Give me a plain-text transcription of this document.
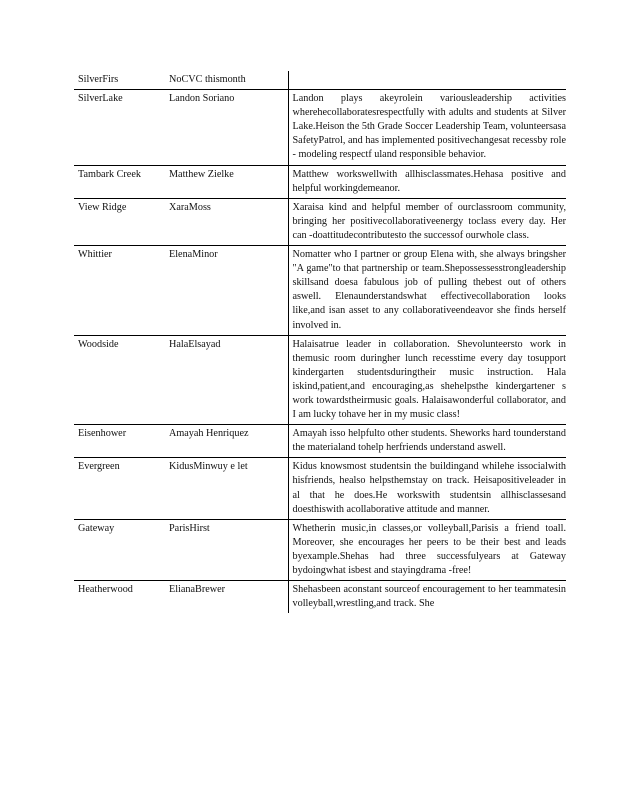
SilverFirs	NoCVC thismonth	
SilverLake	Landon Soriano	Landon plays akeyrolein variousleadership activities wherehecollaboratesrespectfully with adults and students at Silver Lake.Heison the 5th Grade Soccer Leadership Team, volunteersasa SafetyPatrol, and has implemented positivechangesat recessby role - modeling respectf uland responsible behavior.
Tambark Creek	Matthew Zielke	Matthew workswellwith allhisclassmates.Hehasa positive and helpful workingdemeanor.
View Ridge	XaraMoss	Xaraisa kind and helpful member of ourclassroom community, bringing her positivecollaborativeenergy toclass every day. Her can -doattitudecontributesto the successof ourwhole class.
Whittier	ElenaMinor	Nomatter who I partner or group Elena with, she always bringsher "A game"to that partnership or team.Shepossessesstrongleadership skillsand doesa fabulous job of pulling thebest out of others aswell. Elenaunderstandswhat effectivecollaboration looks like,and isan asset to any collaborativeendeavor she finds herself involved in.
Woodside	HalaElsayad	Halaisatrue leader in collaboration. Shevolunteersto work in themusic room duringher lunch recesstime every day tosupport kindergarten studentsduringtheir music instruction. Hala iskind,patient,and encouraging,as shehelpsthe kindergartener s work towardstheirmusic goals. Halaisawonderful collaborator, and I am lucky tohave her in my music class!
Eisenhower	Amayah Henriquez	Amayah isso helpfulto other students. Sheworks hard tounderstand the materialand tohelp herfriends understand aswell.
Evergreen	KidusMinwuy e let	Kidus knowsmost studentsin the buildingand whilehe issocialwith hisfriends, healso helpsthemstay on track. Heisapositiveleader in al that he does.He workswith studentsin allhisclassesand doesthiswith acollaborative attitude and manner.
Gateway	ParisHirst	Whetherin music,in classes,or volleyball,Parisis a friend toall. Moreover, she encourages her peers to be their best and leads byexample.Shehas had three successfulyears at Gateway bydoingwhat isbest and stayingdrama -free!
Heatherwood	ElianaBrewer	Shehasbeen aconstant sourceof encouragement to her teammatesin volleyball,wrestling,and track. She
